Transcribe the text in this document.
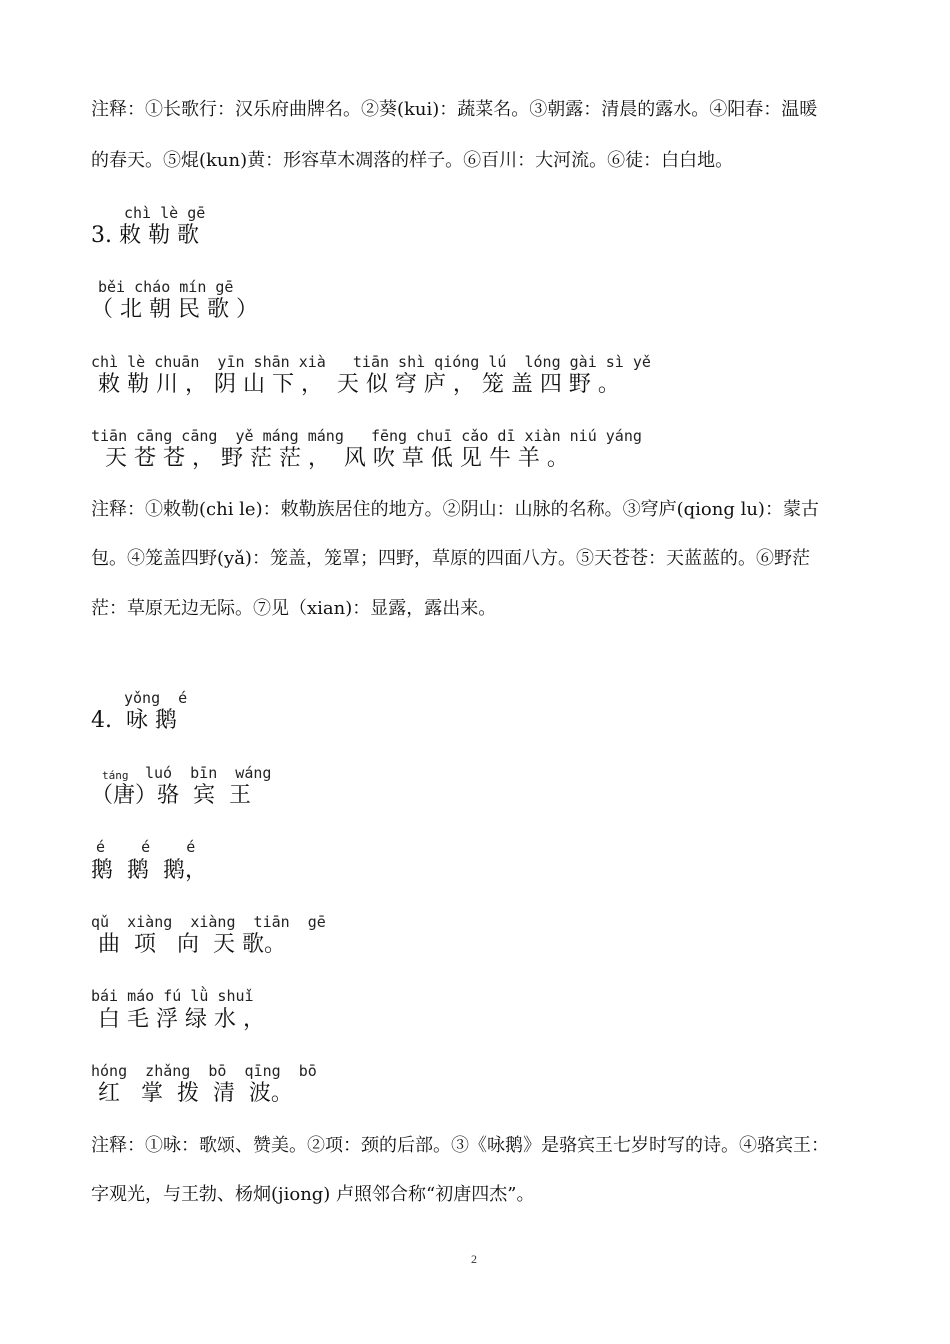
注释：①长歌行：汉乐府曲牌名。②葵(kui)：蔬菜名。③朝露：清晨的露水。④阳春：温暖
的春天。⑤焜(kun)黄：形容草木凋落的样子。⑥百川：大河流。⑥徒：白白地。
chì lè gē
3. 敕 勒 歌
běi cháo mín gē
（ 北 朝 民 歌 ）
chì lè chuān  yīn shān xià   tiān shì qióng lú  lóng gài sì yě
敕 勒 川 ， 阴 山 下 ，  天 似 穹 庐 ， 笼 盖 四 野 。
tiān cāng cāng  yě máng máng   fēng chuī cǎo dī xiàn niú yáng
天 苍 苍 ， 野 茫 茫 ，  风 吹 草 低 见 牛 羊 。
注释：①敕勒(chi le)：敕勒族居住的地方。②阴山：山脉的名称。③穹庐(qiong lu)：蒙古
包。④笼盖四野(yǎ)：笼盖，笼罩；四野，草原的四面八方。⑤天苍苍：天蓝蓝的。⑥野茫
茫：草原无边无际。⑦见（xian)：显露，露出来。
yǒng  é
4.  咏 鹅
táng luó  bīn  wáng
（唐）骆  宾  王
é    é    é
鹅  鹅  鹅，
qǔ  xiàng  xiàng  tiān  gē
曲  项   向  天 歌。
bái máo fú lǜ shuǐ
白 毛 浮 绿 水 ，
hóng  zhǎng  bō  qīng  bō
红   掌  拨  清  波。
注释：①咏：歌颂、赞美。②项：颈的后部。③《咏鹅》是骆宾王七岁时写的诗。④骆宾王：
字观光，与王勃、杨炯(jiong) 卢照邻合称“初唐四杰”。
2
